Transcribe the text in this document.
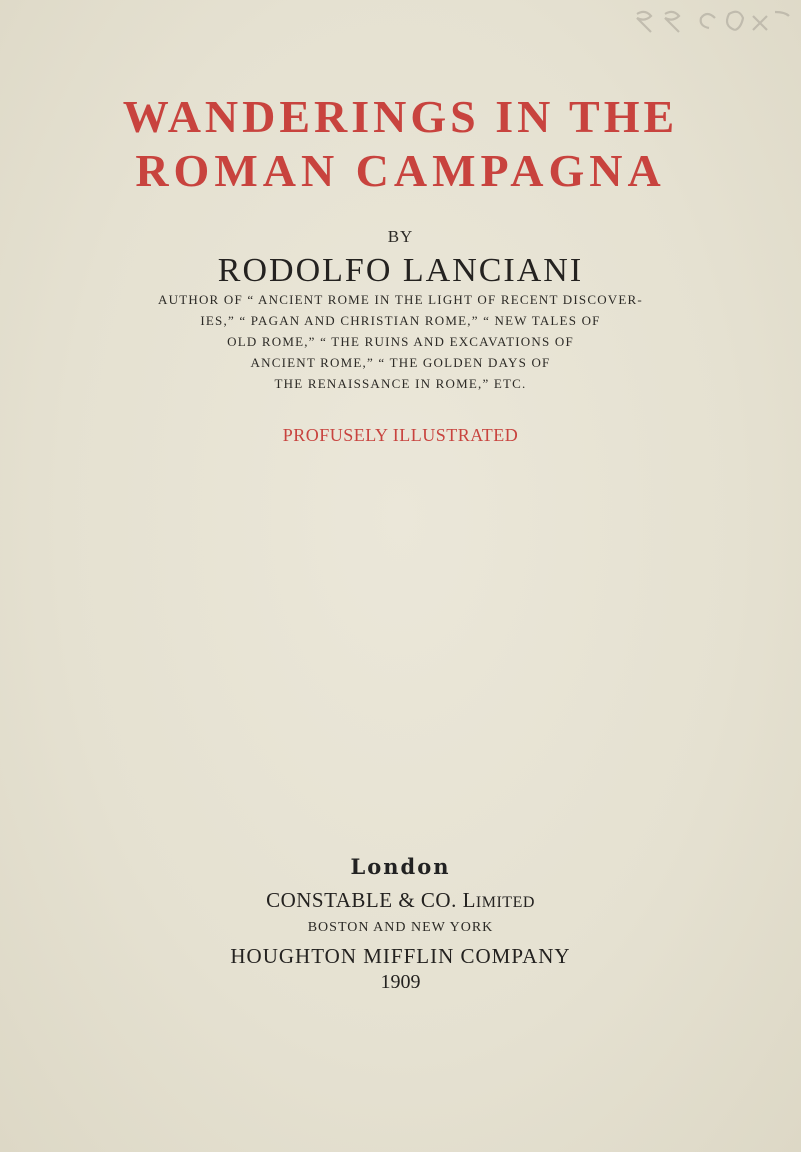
WANDERINGS IN THE
ROMAN CAMPAGNA
BY
RODOLFO LANCIANI
AUTHOR OF “ ANCIENT ROME IN THE LIGHT OF RECENT DISCOVER-
IES,” “ PAGAN AND CHRISTIAN ROME,” “ NEW TALES OF
OLD ROME,” “ THE RUINS AND EXCAVATIONS OF
ANCIENT ROME,” “ THE GOLDEN DAYS OF
THE RENAISSANCE IN ROME,” ETC.
PROFUSELY ILLUSTRATED
London
CONSTABLE & CO. LIMITED
BOSTON AND NEW YORK
HOUGHTON MIFFLIN COMPANY
1909
